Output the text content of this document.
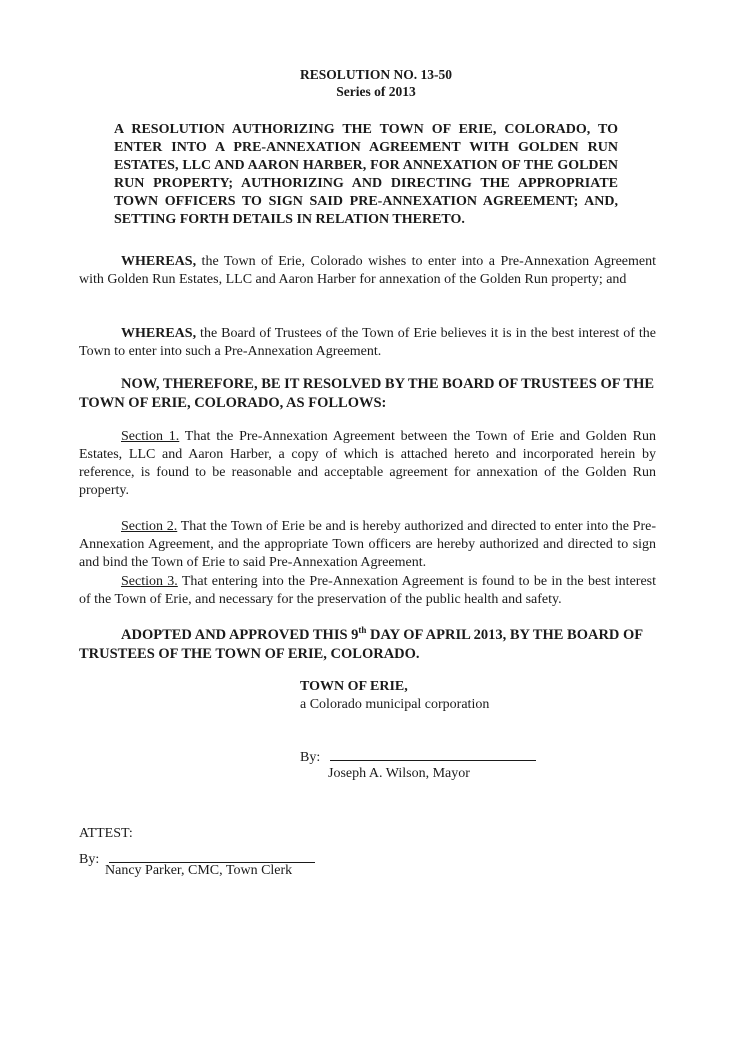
RESOLUTION NO. 13-50
Series of 2013
A RESOLUTION AUTHORIZING THE TOWN OF ERIE, COLORADO, TO ENTER INTO A PRE-ANNEXATION AGREEMENT WITH GOLDEN RUN ESTATES, LLC AND AARON HARBER, FOR ANNEXATION OF THE GOLDEN RUN PROPERTY; AUTHORIZING AND DIRECTING THE APPROPRIATE TOWN OFFICERS TO SIGN SAID PRE-ANNEXATION AGREEMENT; AND, SETTING FORTH DETAILS IN RELATION THERETO.
WHEREAS, the Town of Erie, Colorado wishes to enter into a Pre-Annexation Agreement with Golden Run Estates, LLC and Aaron Harber for annexation of the Golden Run property; and
WHEREAS, the Board of Trustees of the Town of Erie believes it is in the best interest of the Town to enter into such a Pre-Annexation Agreement.
NOW, THEREFORE, BE IT RESOLVED BY THE BOARD OF TRUSTEES OF THE TOWN OF ERIE, COLORADO, AS FOLLOWS:
Section 1. That the Pre-Annexation Agreement between the Town of Erie and Golden Run Estates, LLC and Aaron Harber, a copy of which is attached hereto and incorporated herein by reference, is found to be reasonable and acceptable agreement for annexation of the Golden Run property.
Section 2. That the Town of Erie be and is hereby authorized and directed to enter into the Pre-Annexation Agreement, and the appropriate Town officers are hereby authorized and directed to sign and bind the Town of Erie to said Pre-Annexation Agreement.
Section 3. That entering into the Pre-Annexation Agreement is found to be in the best interest of the Town of Erie, and necessary for the preservation of the public health and safety.
ADOPTED AND APPROVED THIS 9th DAY OF APRIL 2013, BY THE BOARD OF TRUSTEES OF THE TOWN OF ERIE, COLORADO.
TOWN OF ERIE,
a Colorado municipal corporation
By:
Joseph A. Wilson, Mayor
ATTEST:
By:
Nancy Parker, CMC, Town Clerk
